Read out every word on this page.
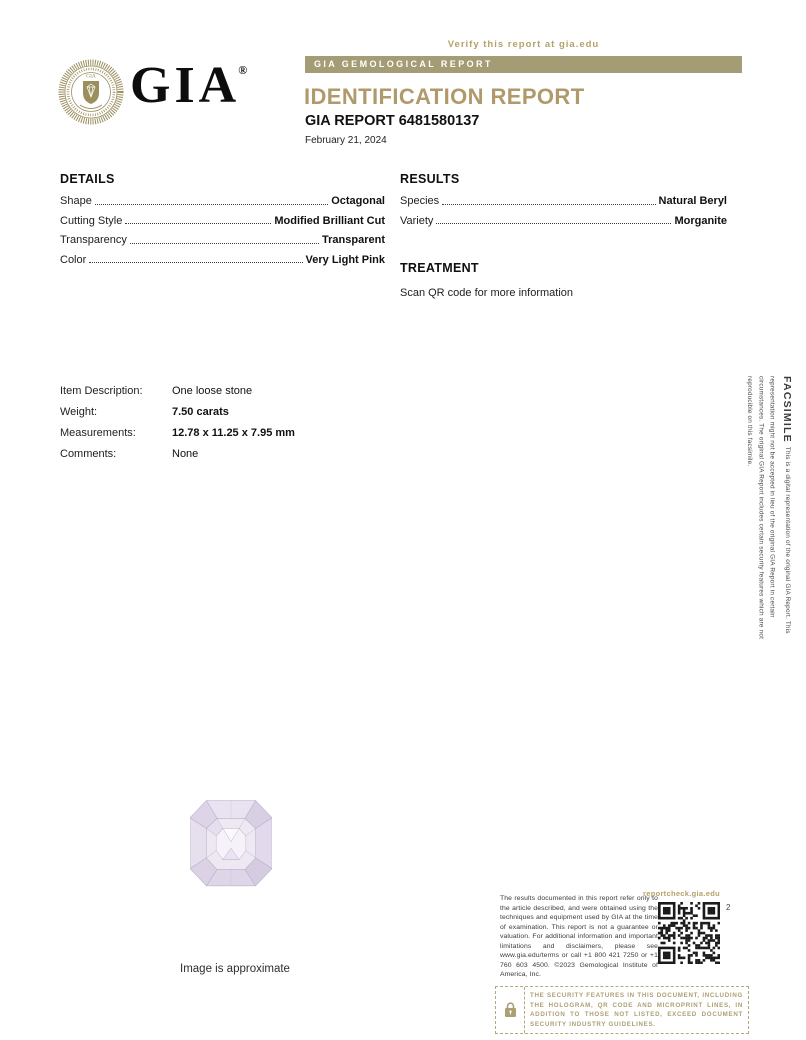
Verify this report at gia.edu
GIA GEMOLOGICAL REPORT
GIA GIA®
IDENTIFICATION REPORT
GIA REPORT 6481580137
February 21, 2024
DETAILS
Shape	Octagonal
Cutting Style	Modified Brilliant Cut
Transparency	Transparent
Color	Very Light Pink
RESULTS
Species	Natural Beryl
Variety	Morganite
TREATMENT
Scan QR code for more information
Item Description:	One loose stone
Weight:	7.50 carats
Measurements:	12.78 x 11.25 x 7.95 mm
Comments:	None
FACSIMILE  This is a digital representation of the original GIA Report. This representation might not be accepted in lieu of the original GIA Report in certain circumstances. The original GIA Report includes certain security features which are not reproducible on this facsimile.
Image is approximate
The results documented in this report refer only to the article described, and were obtained using the techniques and equipment used by GIA at the time of examination. This report is not a guarantee or valuation. For additional information and important limitations and disclaimers, please see www.gia.edu/terms or call +1 800 421 7250 or +1 760 603 4500. ©2023 Gemological Institute of America, Inc.
reportcheck.gia.edu
2
THE SECURITY FEATURES IN THIS DOCUMENT, INCLUDING THE HOLOGRAM, QR CODE AND MICROPRINT LINES, IN ADDITION TO THOSE NOT LISTED, EXCEED DOCUMENT SECURITY INDUSTRY GUIDELINES.
